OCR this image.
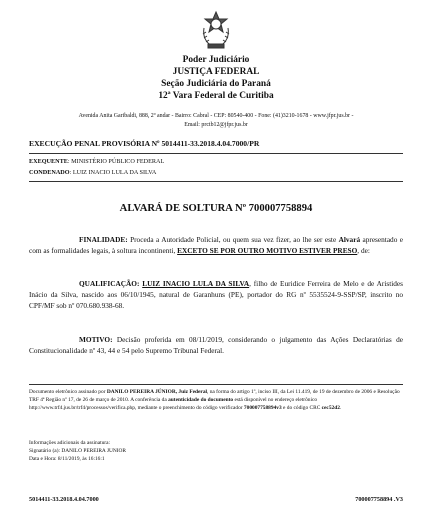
Poder Judiciário
JUSTIÇA FEDERAL
Seção Judiciária do Paraná
12ª Vara Federal de Curitiba
Avenida Anita Garibaldi, 888, 2º andar - Bairro: Cabral - CEP: 80540-400 - Fone: (41)3210-1678 - www.jfpr.jus.br -
Email: prctb12@jfpr.jus.br
EXECUÇÃO PENAL PROVISÓRIA Nº 5014411-33.2018.4.04.7000/PR
EXEQUENTE: MINISTÉRIO PÚBLICO FEDERAL
CONDENADO: LUIZ INACIO LULA DA SILVA
ALVARÁ DE SOLTURA Nº 700007758894
FINALIDADE: Proceda a Autoridade Policial, ou quem sua vez fizer, ao lhe ser este Alvará apresentado e com as formalidades legais, à soltura incontinenti, EXCETO SE POR OUTRO MOTIVO ESTIVER PRESO, de:
QUALIFICAÇÃO: LUIZ INACIO LULA DA SILVA, filho de Euridice Ferreira de Melo e de Aristides Inácio da Silva, nascido aos 06/10/1945, natural de Garanhuns (PE), portador do RG nº 5535524-9-SSP/SP, inscrito no CPF/MF sob nº 070.680.938-68.
MOTIVO: Decisão proferida em 08/11/2019, considerando o julgamento das Ações Declaratórias de Constitucionalidade nº 43, 44 e 54 pelo Supremo Tribunal Federal.
Documento eletrônico assinado por DANILO PEREIRA JÚNIOR, Juiz Federal, na forma do artigo 1º, inciso III, da Lei 11.419, de 19 de dezembro de 2006 e Resolução TRF 4ª Região nº 17, de 26 de março de 2010. A conferência da autenticidade do documento está disponível no endereço eletrônico http://www.trf4.jus.br/trf4/processos/verifica.php, mediante o preenchimento do código verificador 700007758894v3 e do código CRC cec52d2.
Informações adicionais da assinatura:
Signatário (a): DANILO PEREIRA JUNIOR
Data e Hora: 8/11/2019, às 16:16:1
5014411-33.2018.4.04.7000	700007758894 .V3
